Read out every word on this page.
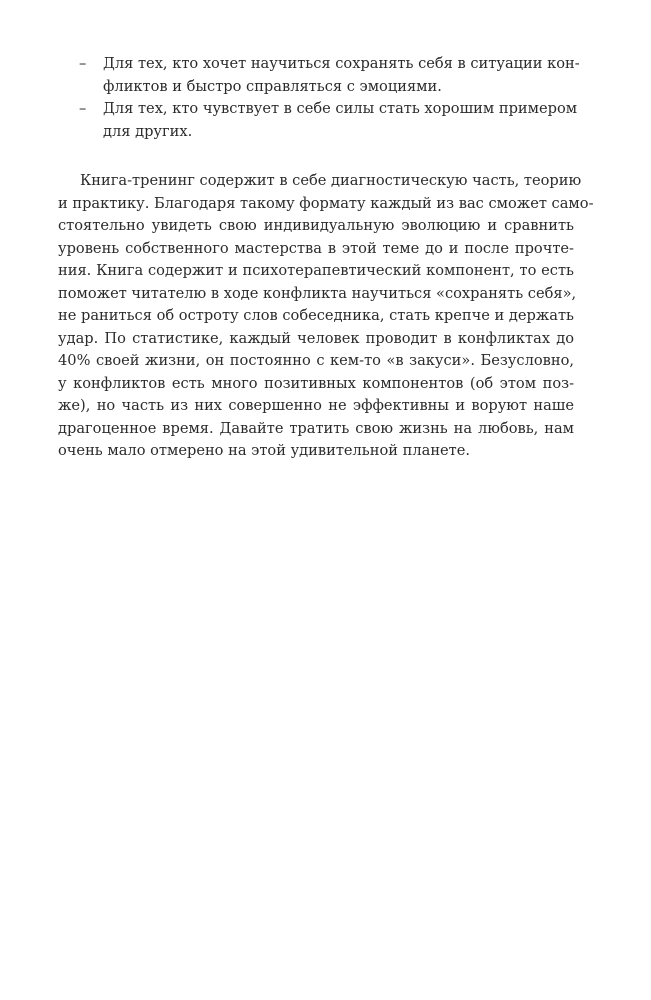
– Для тех, кто хочет научиться сохранять себя в ситуации кон-
фликтов и быстро справляться с эмоциями.
– Для тех, кто чувствует в себе силы стать хорошим примером
для других.
Книга-тренинг содержит в себе диагностическую часть, теорию
и практику. Благодаря такому формату каждый из вас сможет само-
стоятельно увидеть свою индивидуальную эволюцию и сравнить
уровень собственного мастерства в этой теме до и после прочте-
ния. Книга содержит и психотерапевтический компонент, то есть
поможет читателю в ходе конфликта научиться «сохранять себя»,
не раниться об остроту слов собеседника, стать крепче и держать
удар. По статистике, каждый человек проводит в конфликтах до
40% своей жизни, он постоянно с кем-то «в закуси». Безусловно,
у конфликтов есть много позитивных компонентов (об этом поз-
же), но часть из них совершенно не эффективны и воруют наше
драгоценное время. Давайте тратить свою жизнь на любовь, нам
очень мало отмерено на этой удивительной планете.
